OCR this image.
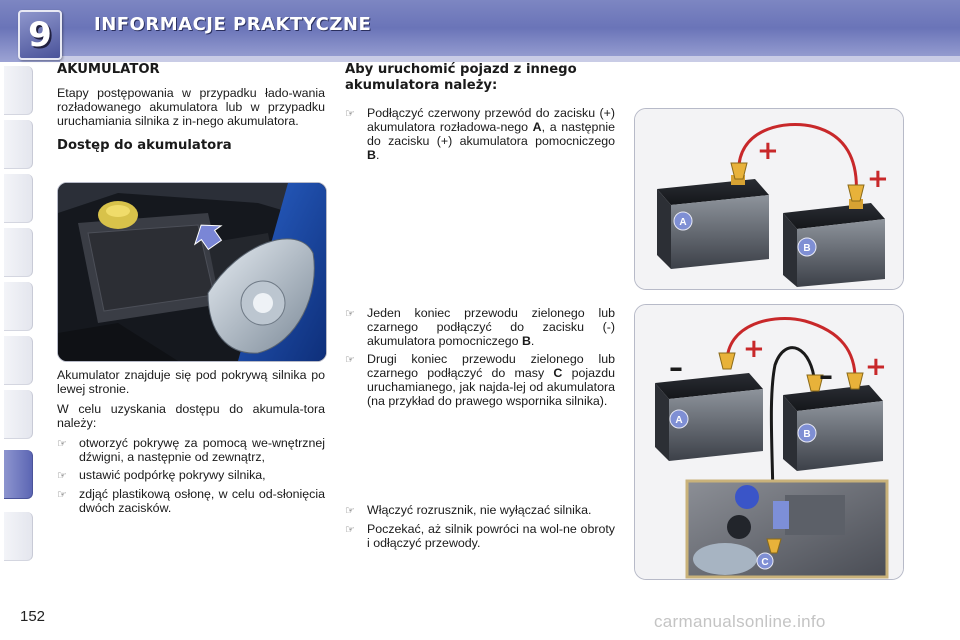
9 INFORMACJE PRAKTYCZNE
AKUMULATOR

Etapy postępowania w przypadku łado-wania rozładowanego akumulatora lub w przypadku uruchamiania silnika z in-nego akumulatora.

Dostęp do akumulatora

Akumulator znajduje się pod pokrywą silnika po lewej stronie.

W celu uzyskania dostępu do akumula-tora należy:

☞ otworzyć pokrywę za pomocą we-wnętrznej dźwigni, a następnie od zewnątrz,
☞ ustawić podpórkę pokrywy silnika,
☞ zdjąć plastikową osłonę, w celu od-słonięcia dwóch zacisków.
Aby uruchomić pojazd z innego akumulatora należy:
☞ Podłączyć czerwony przewód do zacisku (+) akumulatora rozładowa-nego A, a następnie do zacisku (+) akumulatora pomocniczego B.
☞ Jeden koniec przewodu zielonego lub czarnego podłączyć do zacisku (-) akumulatora pomocniczego B.
☞ Drugi koniec przewodu zielonego lub czarnego podłączyć do masy C pojazdu uruchamianego, jak najda-lej od akumulatora (na przykład do prawego wspornika silnika).
☞ Włączyć rozrusznik, nie wyłączać silnika.
☞ Poczekać, aż silnik powróci na wol-ne obroty i odłączyć przewody.
A
B
+
+
A
B
+
+
–	–
C
152	carmanualsonline.info
